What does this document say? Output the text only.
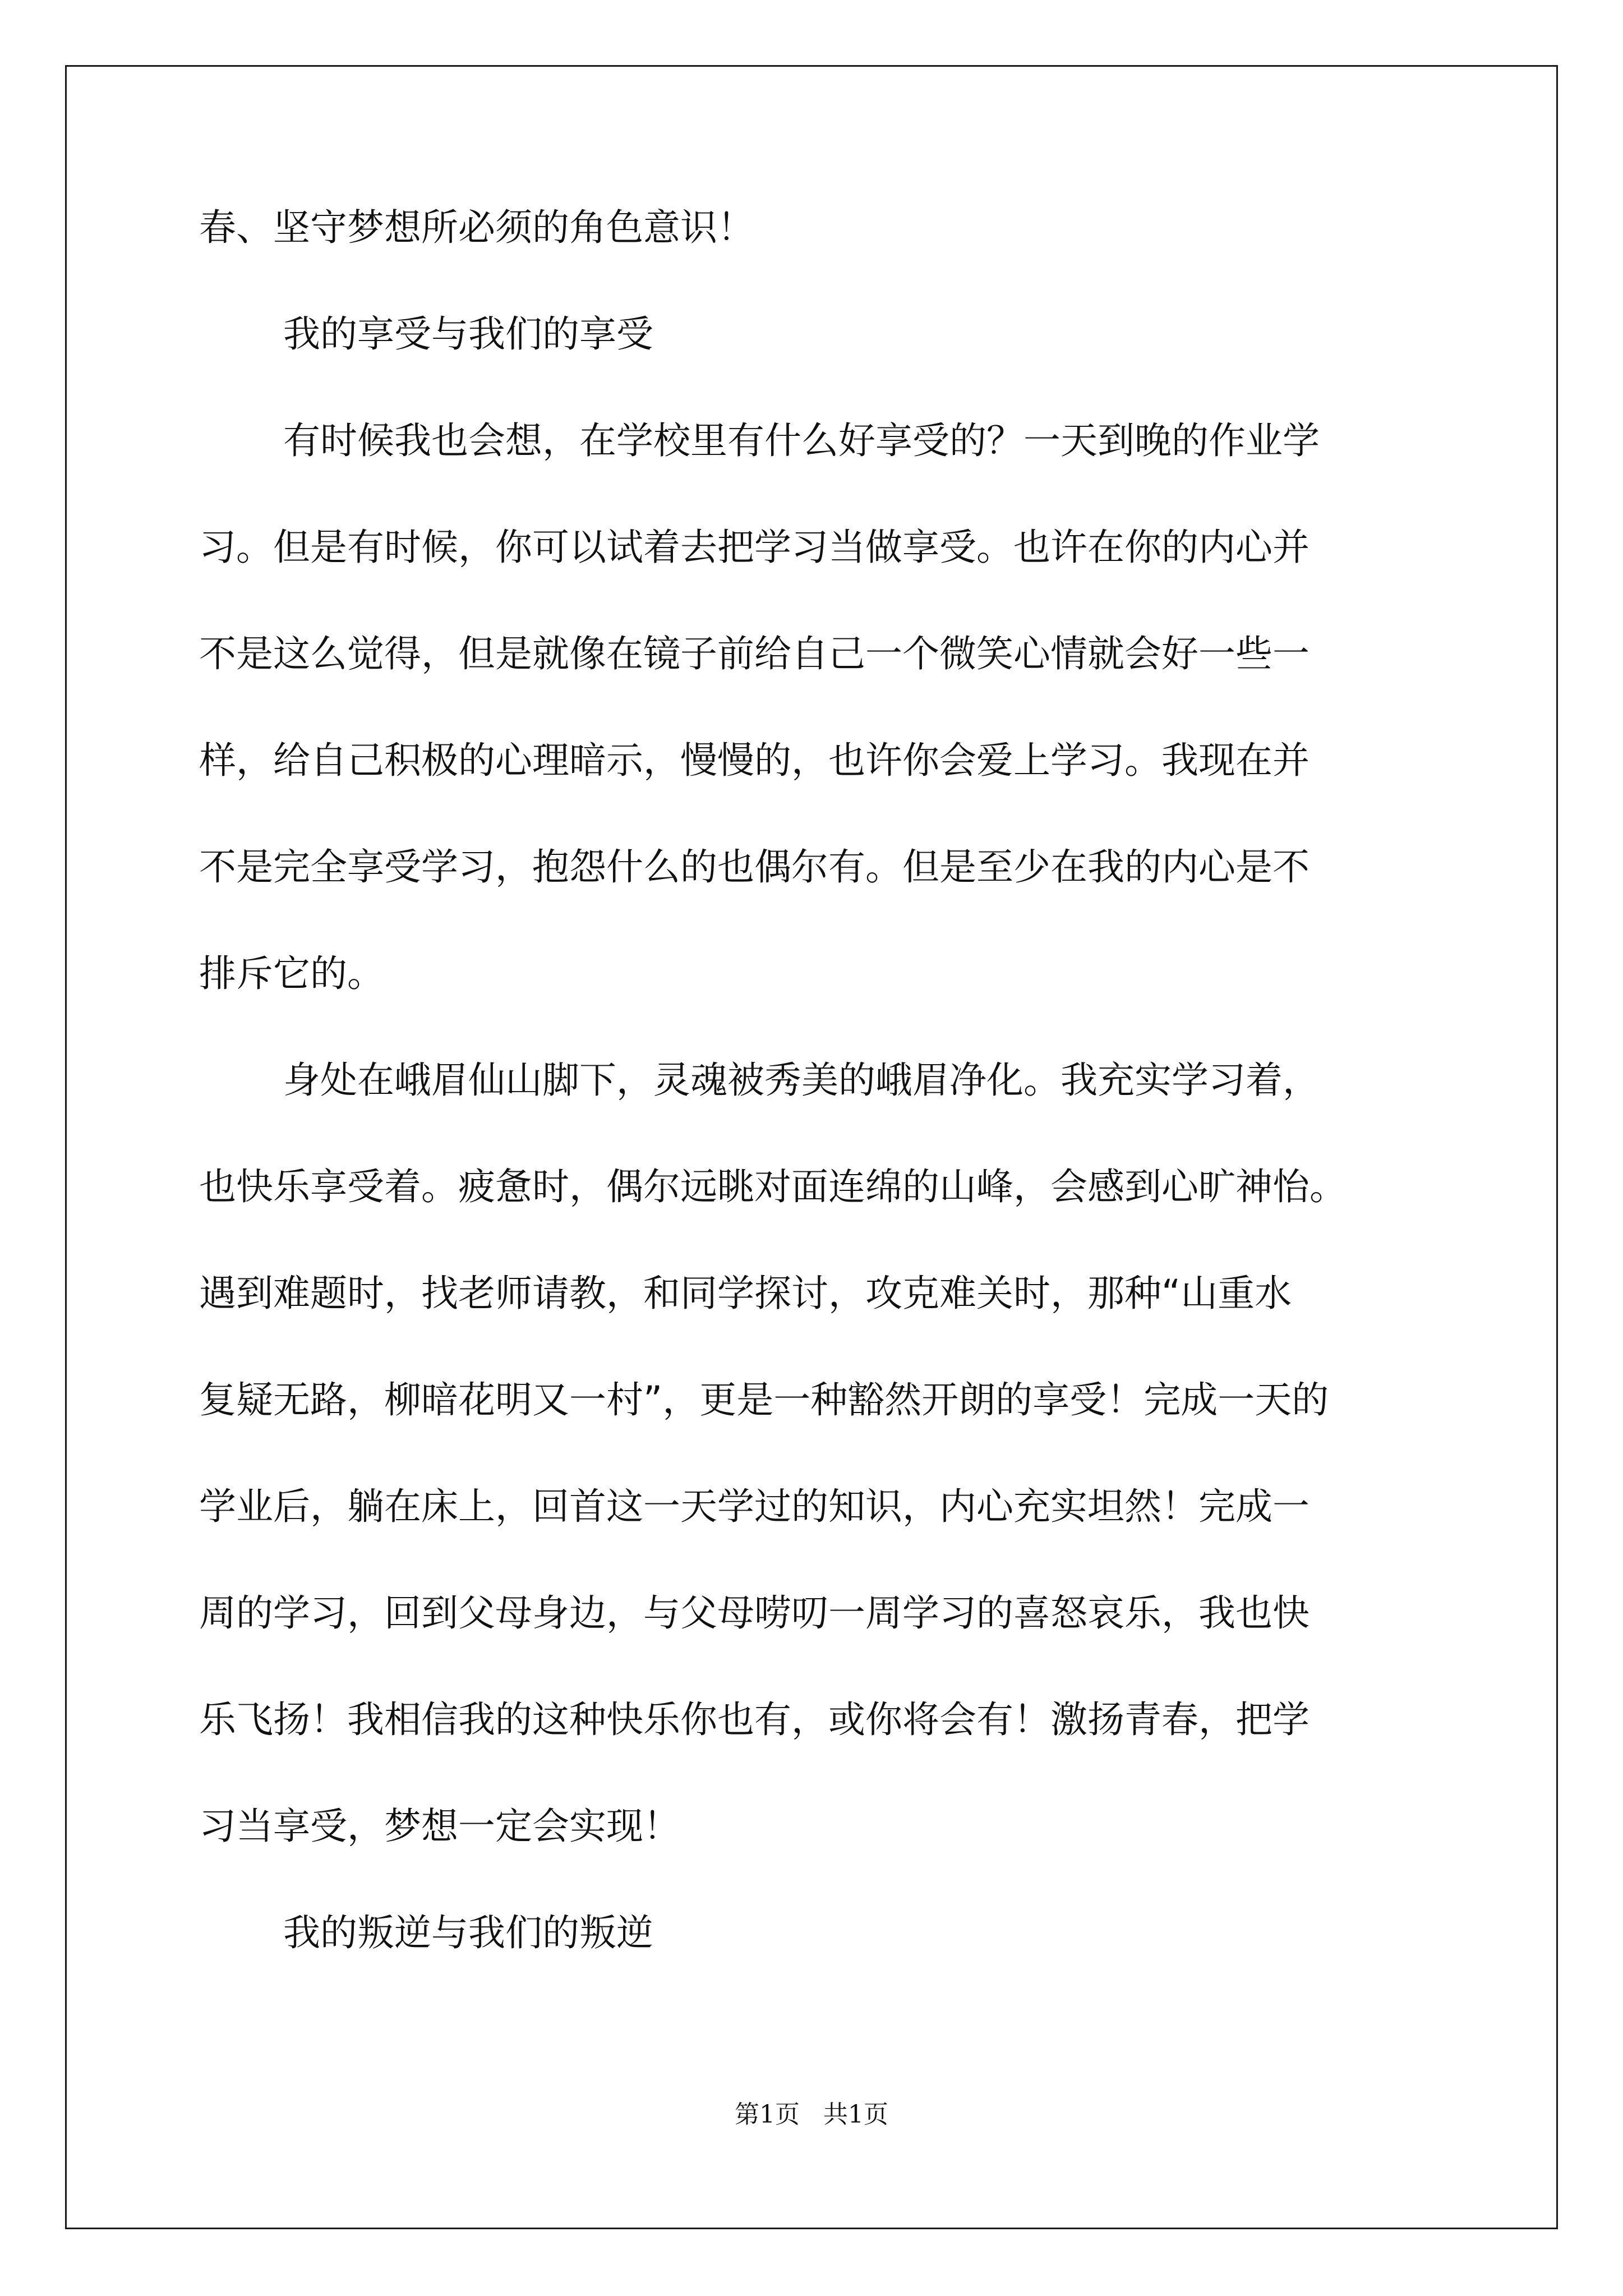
春、坚守梦想所必须的角色意识！
我的享受与我们的享受
有时候我也会想，在学校里有什么好享受的？一天到晚的作业学
习。但是有时候，你可以试着去把学习当做享受。也许在你的内心并
不是这么觉得，但是就像在镜子前给自己一个微笑心情就会好一些一
样，给自己积极的心理暗示，慢慢的，也许你会爱上学习。我现在并
不是完全享受学习，抱怨什么的也偶尔有。但是至少在我的内心是不
排斥它的。
身处在峨眉仙山脚下，灵魂被秀美的峨眉净化。我充实学习着，
也快乐享受着。疲惫时，偶尔远眺对面连绵的山峰，会感到心旷神怡。
遇到难题时，找老师请教，和同学探讨，攻克难关时，那种“山重水
复疑无路，柳暗花明又一村”，更是一种豁然开朗的享受！完成一天的
学业后，躺在床上，回首这一天学过的知识，内心充实坦然！完成一
周的学习，回到父母身边，与父母唠叨一周学习的喜怒哀乐，我也快
乐飞扬！我相信我的这种快乐你也有，或你将会有！激扬青春，把学
习当享受，梦想一定会实现！
我的叛逆与我们的叛逆
第1页   共1页
